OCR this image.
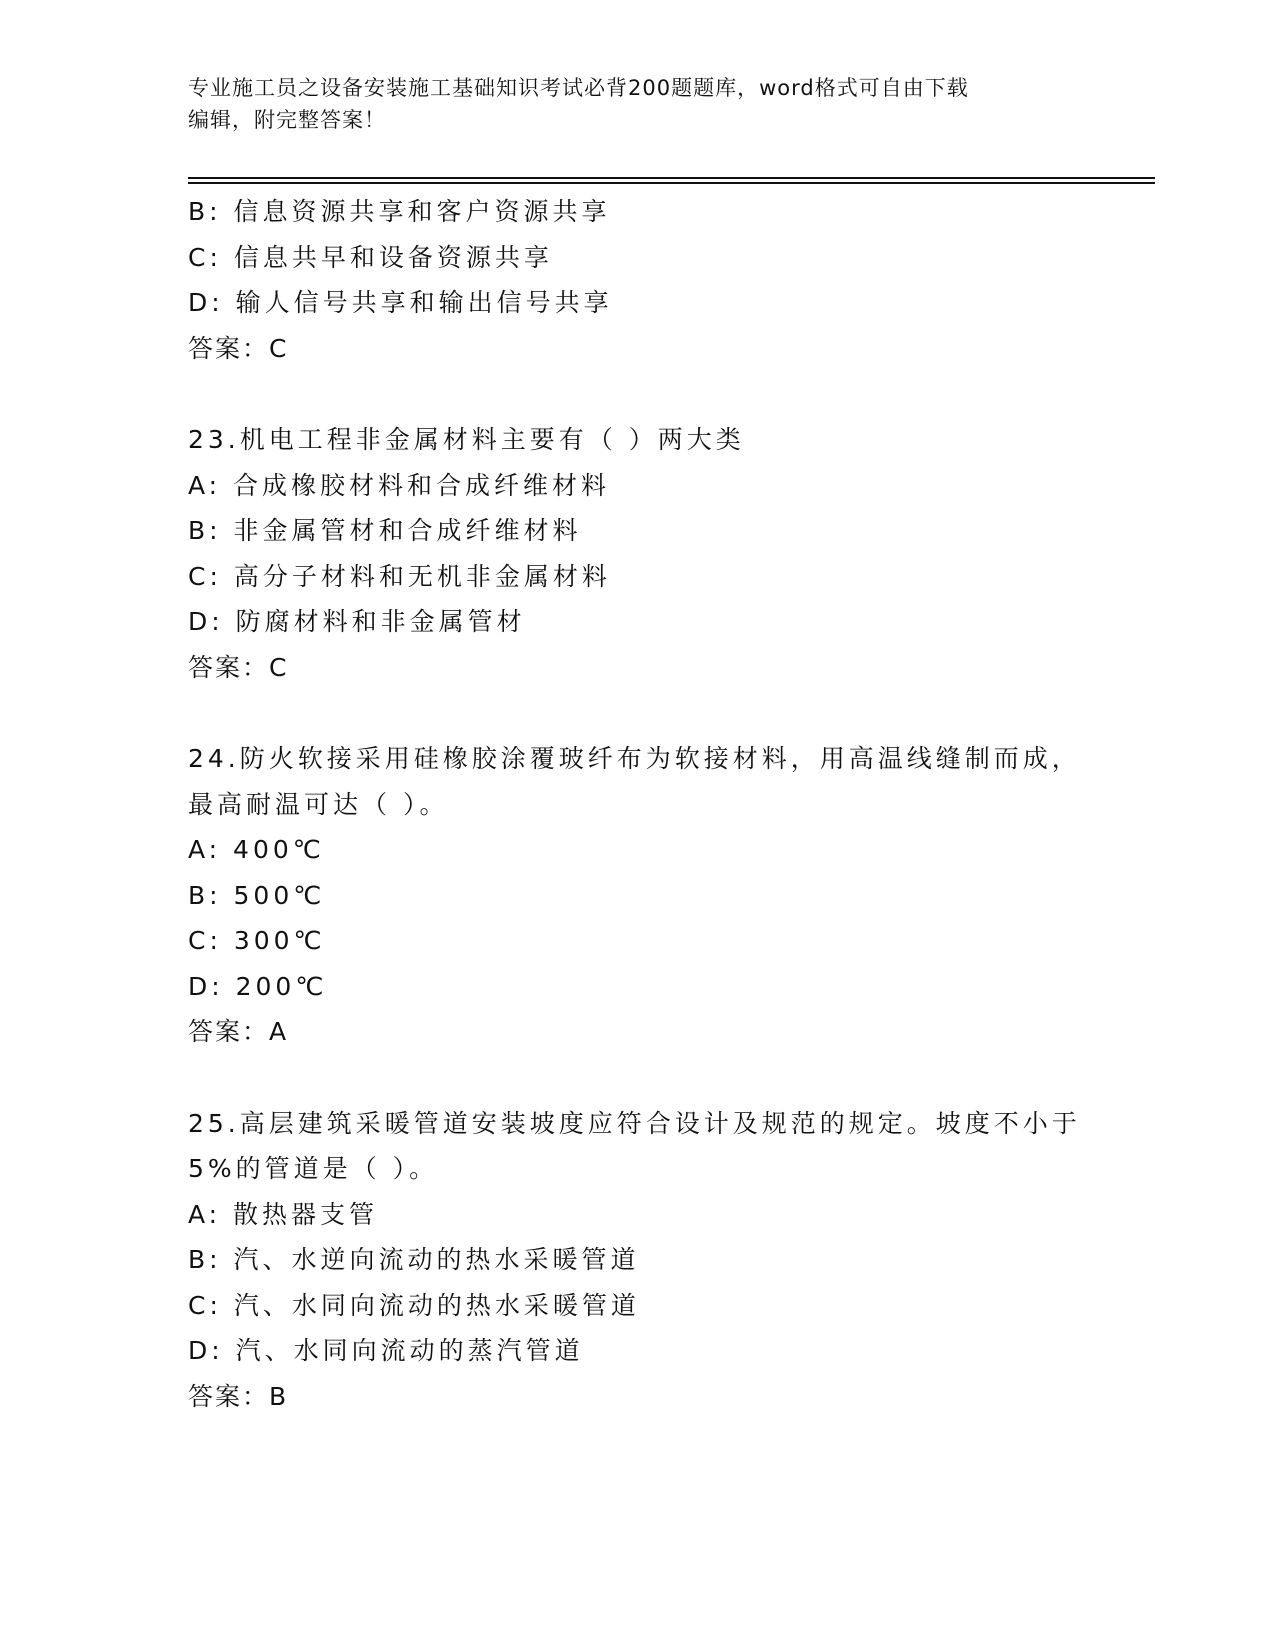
专业施工员之设备安装施工基础知识考试必背200题题库，word格式可自由下载

编辑，附完整答案！

B: 信息资源共享和客户资源共享

C: 信息共早和设备资源共享

D: 输人信号共享和输出信号共享

答案：C

23.机电工程非金属材料主要有（ ）两大类

A: 合成橡胶材料和合成纤维材料

B: 非金属管材和合成纤维材料

C: 高分子材料和无机非金属材料

D: 防腐材料和非金属管材

答案：C

24.防火软接采用硅橡胶涂覆玻纤布为软接材料，用高温线缝制而成，

最高耐温可达（ ）。

A: 400℃

B: 500℃

C: 300℃

D: 200℃

答案：A

25.高层建筑采暖管道安装坡度应符合设计及规范的规定。坡度不小于

5%的管道是（ ）。

A: 散热器支管

B: 汽、水逆向流动的热水采暖管道

C: 汽、水同向流动的热水采暖管道

D: 汽、水同向流动的蒸汽管道

答案：B
